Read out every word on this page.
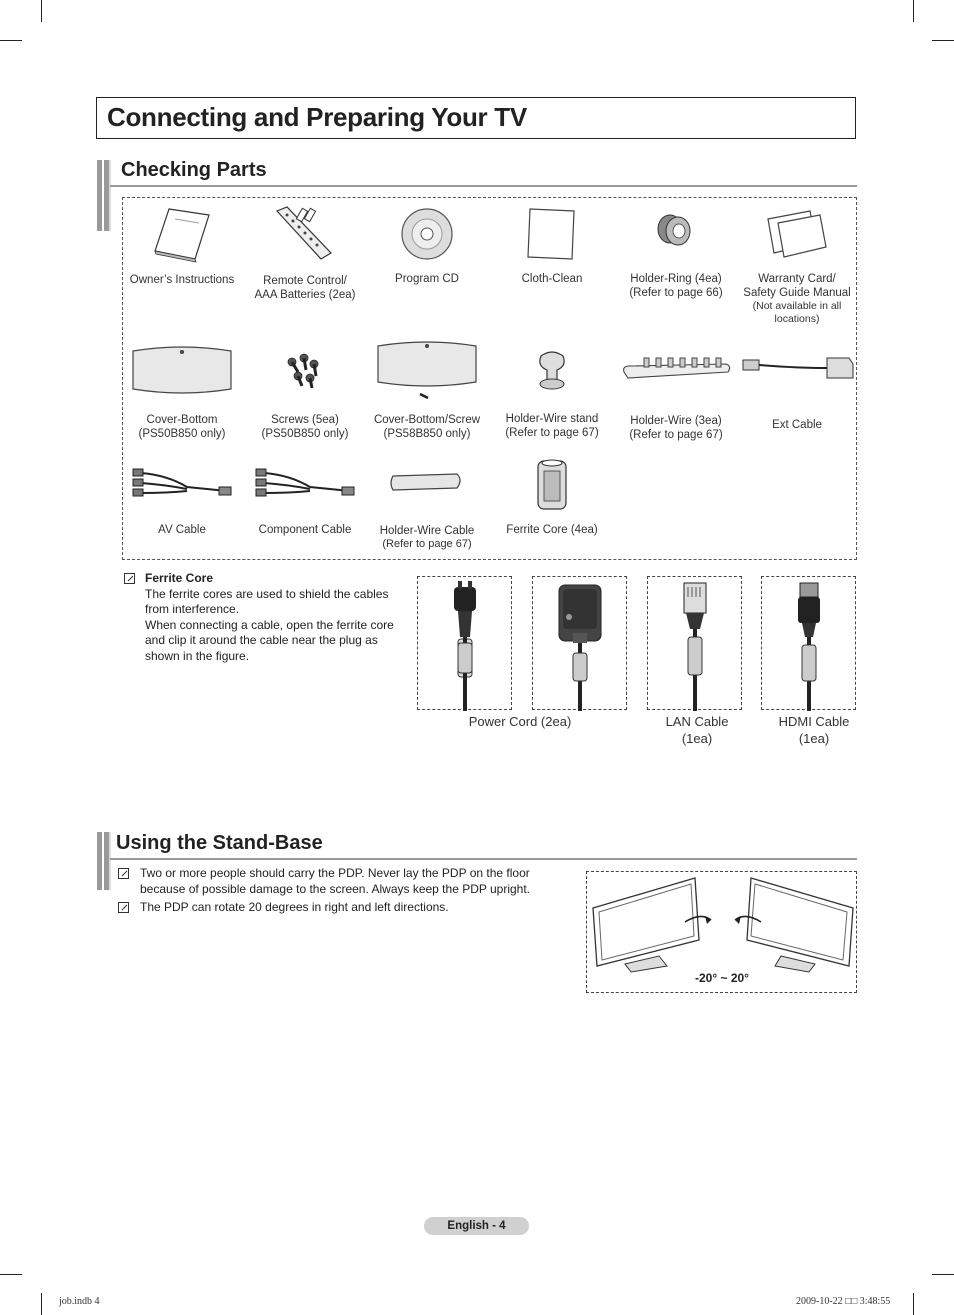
Connecting and Preparing Your TV
Checking Parts
Owner’s Instructions	Remote Control/
AAA Batteries (2ea)
Program CD	Cloth-Clean	Holder-Ring (4ea)
(Refer to page 66)
Warranty Card/
Safety Guide Manual
(Not available in all
locations)
Cover-Bottom
(PS50B850 only)
Screws (5ea)
(PS50B850 only)
Cover-Bottom/Screw
(PS58B850 only)
Holder-Wire stand
(Refer to page 67)
Holder-Wire (3ea)
(Refer to page 67)
Ext Cable
AV Cable	Component Cable	Holder-Wire Cable
(Refer to page 67)
Ferrite Core (4ea)
Ferrite Core
The ferrite cores are used to shield the cables
from interference.
When connecting a cable, open the ferrite core
and clip it around the cable near the plug as
shown in the figure.
Power Cord (2ea)	LAN Cable
(1ea)
HDMI Cable
(1ea)
Using the Stand-Base
Two or more people should carry the PDP. Never lay the PDP on the floor
because of possible damage to the screen. Always keep the PDP upright.
The PDP can rotate 20 degrees in right and left directions.
-20° ~ 20°
English - 4
job.indb 4	2009-10-22 □□ 3:48:55
